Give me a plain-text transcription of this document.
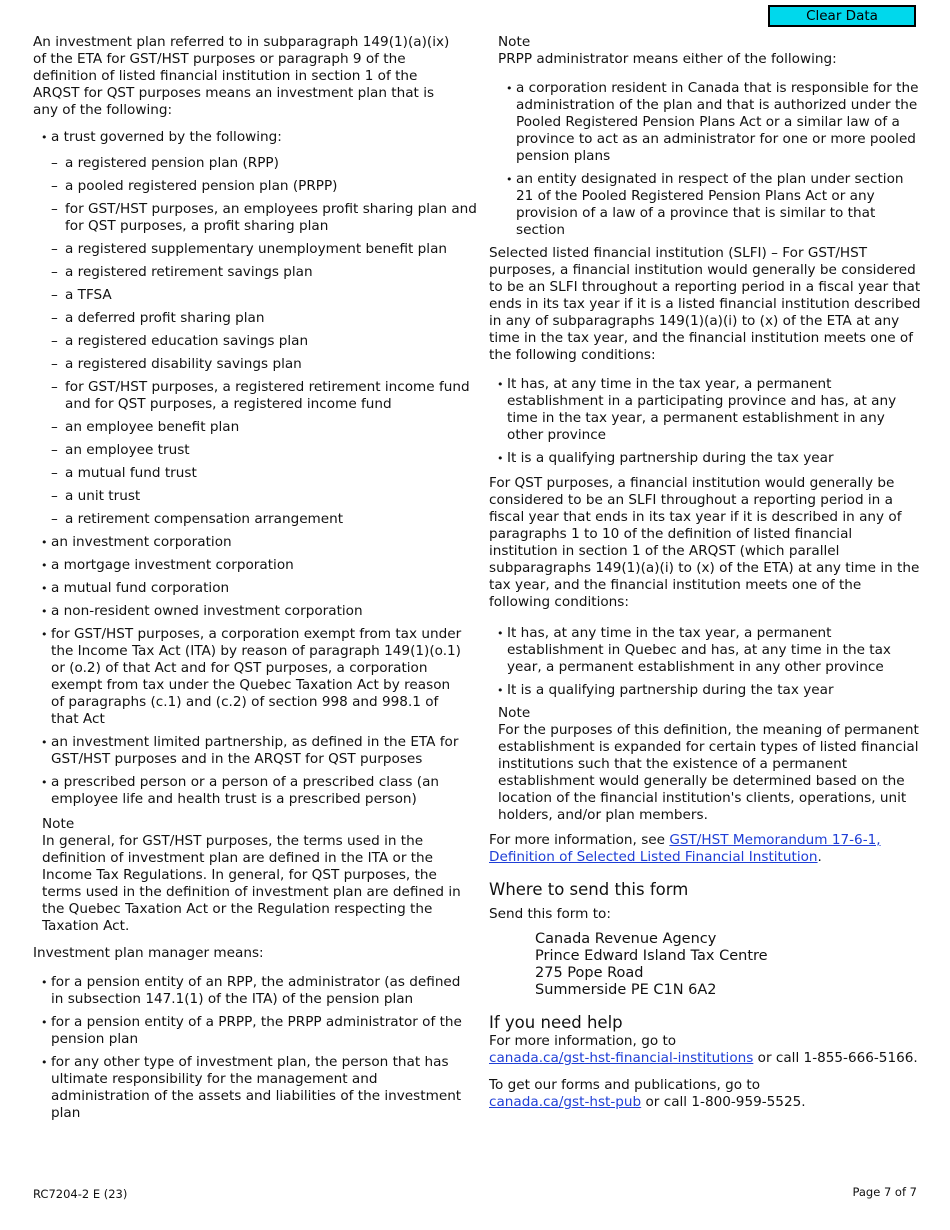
Clear Data

An investment plan referred to in subparagraph 149(1)(a)(ix) of the ETA for GST/HST purposes or paragraph 9 of the definition of listed financial institution in section 1 of the ARQST for QST purposes means an investment plan that is any of the following:

• a trust governed by the following:
– a registered pension plan (RPP)
– a pooled registered pension plan (PRPP)
– for GST/HST purposes, an employees profit sharing plan and for QST purposes, a profit sharing plan
– a registered supplementary unemployment benefit plan
– a registered retirement savings plan
– a TFSA
– a deferred profit sharing plan
– a registered education savings plan
– a registered disability savings plan
– for GST/HST purposes, a registered retirement income fund and for QST purposes, a registered income fund
– an employee benefit plan
– an employee trust
– a mutual fund trust
– a unit trust
– a retirement compensation arrangement
• an investment corporation
• a mortgage investment corporation
• a mutual fund corporation
• a non-resident owned investment corporation
• for GST/HST purposes, a corporation exempt from tax under the Income Tax Act (ITA) by reason of paragraph 149(1)(o.1) or (o.2) of that Act and for QST purposes, a corporation exempt from tax under the Quebec Taxation Act by reason of paragraphs (c.1) and (c.2) of section 998 and 998.1 of that Act
• an investment limited partnership, as defined in the ETA for GST/HST purposes and in the ARQST for QST purposes
• a prescribed person or a person of a prescribed class (an employee life and health trust is a prescribed person)

Note

In general, for GST/HST purposes, the terms used in the definition of investment plan are defined in the ITA or the Income Tax Regulations. In general, for QST purposes, the terms used in the definition of investment plan are defined in the Quebec Taxation Act or the Regulation respecting the Taxation Act.

Investment plan manager means:

• for a pension entity of an RPP, the administrator (as defined in subsection 147.1(1) of the ITA) of the pension plan
• for a pension entity of a PRPP, the PRPP administrator of the pension plan
• for any other type of investment plan, the person that has ultimate responsibility for the management and administration of the assets and liabilities of the investment plan

Note

PRPP administrator means either of the following:

• a corporation resident in Canada that is responsible for the administration of the plan and that is authorized under the Pooled Registered Pension Plans Act or a similar law of a province to act as an administrator for one or more pooled pension plans
• an entity designated in respect of the plan under section 21 of the Pooled Registered Pension Plans Act or any provision of a law of a province that is similar to that section

Selected listed financial institution (SLFI) – For GST/HST purposes, a financial institution would generally be considered to be an SLFI throughout a reporting period in a fiscal year that ends in its tax year if it is a listed financial institution described in any of subparagraphs 149(1)(a)(i) to (x) of the ETA at any time in the tax year, and the financial institution meets one of the following conditions:

• It has, at any time in the tax year, a permanent establishment in a participating province and has, at any time in the tax year, a permanent establishment in any other province
• It is a qualifying partnership during the tax year

For QST purposes, a financial institution would generally be considered to be an SLFI throughout a reporting period in a fiscal year that ends in its tax year if it is described in any of paragraphs 1 to 10 of the definition of listed financial institution in section 1 of the ARQST (which parallel subparagraphs 149(1)(a)(i) to (x) of the ETA) at any time in the tax year, and the financial institution meets one of the following conditions:

• It has, at any time in the tax year, a permanent establishment in Quebec and has, at any time in the tax year, a permanent establishment in any other province
• It is a qualifying partnership during the tax year

Note

For the purposes of this definition, the meaning of permanent establishment is expanded for certain types of listed financial institutions such that the existence of a permanent establishment would generally be determined based on the location of the financial institution's clients, operations, unit holders, and/or plan members.

For more information, see GST/HST Memorandum 17-6-1, Definition of Selected Listed Financial Institution.

Where to send this form

Send this form to:

Canada Revenue Agency

Prince Edward Island Tax Centre

275 Pope Road

Summerside PE C1N 6A2

If you need help

For more information, go to
canada.ca/gst-hst-financial-institutions or call 1-855-666-5166.

To get our forms and publications, go to
canada.ca/gst-hst-pub or call 1-800-959-5525.

RC7204-2 E (23)	Page 7 of 7
